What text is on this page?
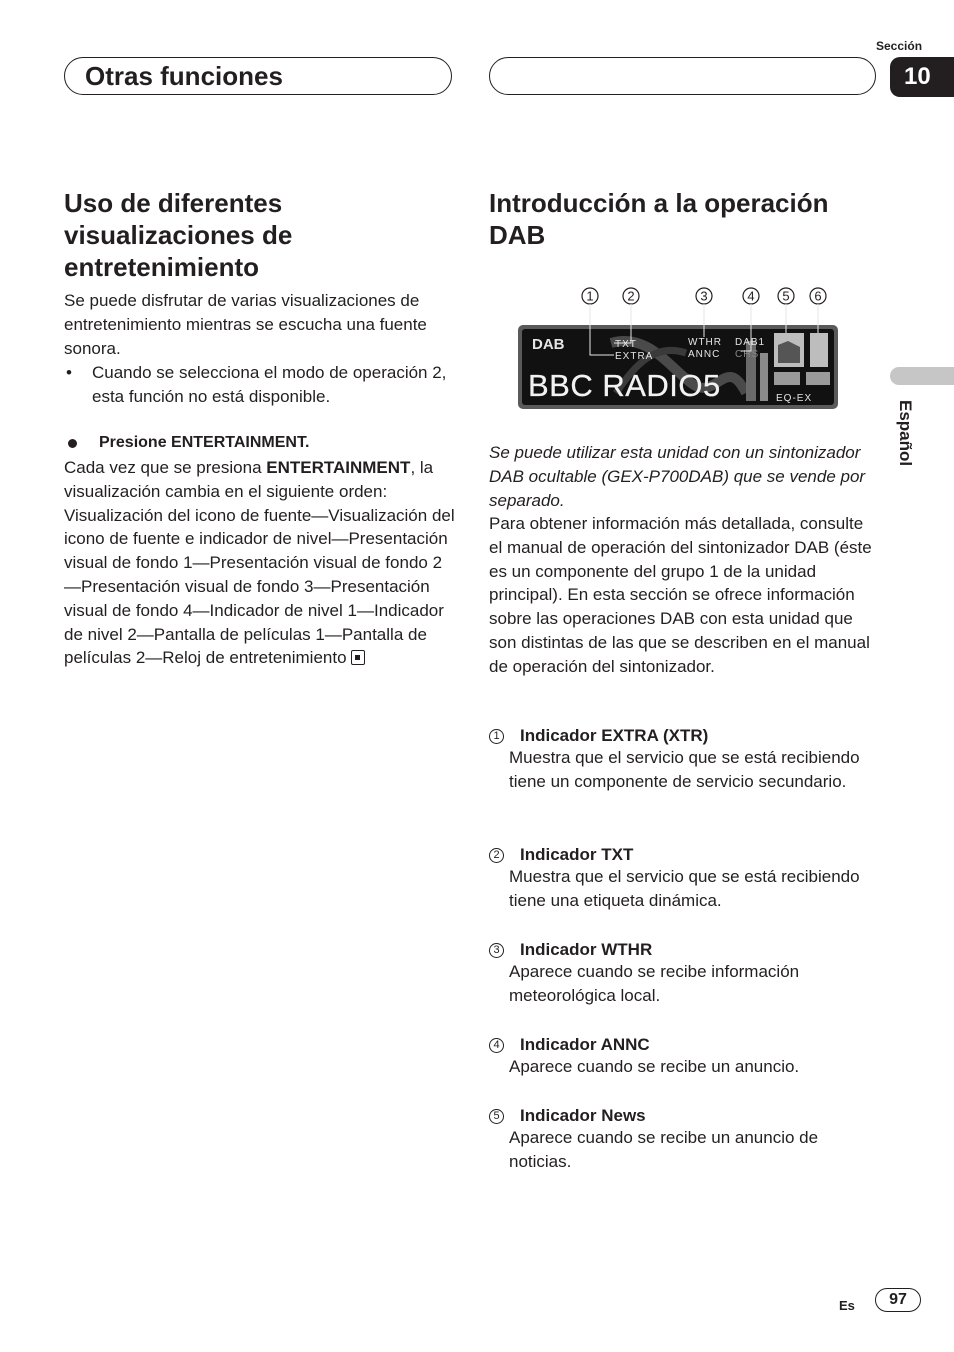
Sección
10
Otras funciones
Español
Uso de diferentes visualizaciones de entretenimiento
Se puede disfrutar de varias visualizaciones de entretenimiento mientras se escucha una fuente sonora.
•	Cuando se selecciona el modo de operación 2, esta función no está disponible.
Presione ENTERTAINMENT.
Cada vez que se presiona ENTERTAINMENT, la visualización cambia en el siguiente orden: Visualización del icono de fuente—Visualización del icono de fuente e indicador de nivel—Presentación visual de fondo 1—Presentación visual de fondo 2—Presentación visual de fondo 3—Presentación visual de fondo 4—Indicador de nivel 1—Indicador de nivel 2—Pantalla de películas 1—Pantalla de películas 2—Reloj de entretenimiento
Introducción a la operación DAB
1	2	3	4 5 6
DAB	TXT
EXTRA
WTHR
ANNC
DAB1
CHS
BBC RADIO5	EQ-EX
Se puede utilizar esta unidad con un sintonizador DAB ocultable (GEX-P700DAB) que se vende por separado.
Para obtener información más detallada, consulte el manual de operación del sintonizador DAB (éste es un componente del grupo 1 de la unidad principal). En esta sección se ofrece información sobre las operaciones DAB con esta unidad que son distintas de las que se describen en el manual de operación del sintonizador.
1 Indicador EXTRA (XTR)
Muestra que el servicio que se está recibiendo tiene un componente de servicio secundario.
2 Indicador TXT
Muestra que el servicio que se está recibiendo tiene una etiqueta dinámica.
3 Indicador WTHR
Aparece cuando se recibe información meteorológica local.
4 Indicador ANNC
Aparece cuando se recibe un anuncio.
5 Indicador News
Aparece cuando se recibe un anuncio de noticias.
Es 97
